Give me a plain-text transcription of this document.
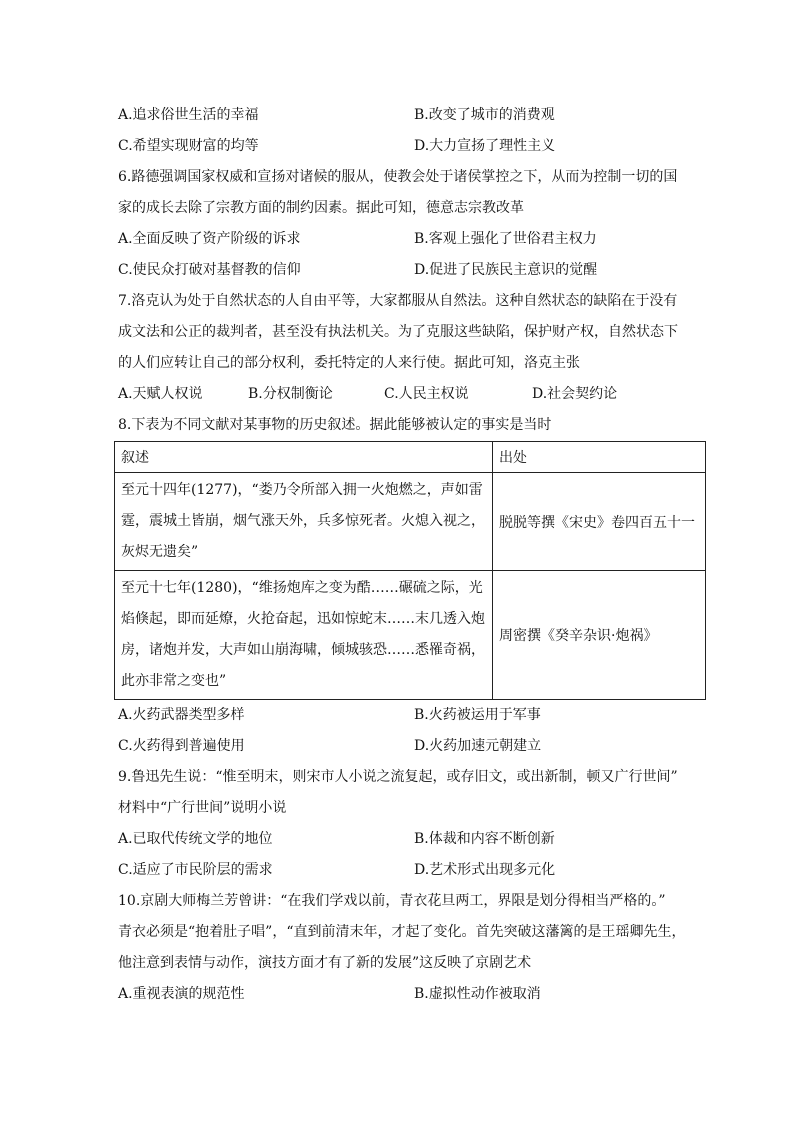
A.追求俗世生活的幸福	B.改变了城市的消费观
C.希望实现财富的均等	D.大力宣扬了理性主义
6.路德强调国家权威和宣扬对诸候的服从，使教会处于诸侯掌控之下，从而为控制一切的国
家的成长去除了宗教方面的制约因素。据此可知，德意志宗教改革
A.全面反映了资产阶级的诉求	B.客观上强化了世俗君主权力
C.使民众打破对基督教的信仰	D.促进了民族民主意识的觉醒
7.洛克认为处于自然状态的人自由平等，大家都服从自然法。这种自然状态的缺陷在于没有
成文法和公正的裁判者，甚至没有执法机关。为了克服这些缺陷，保护财产权，自然状态下
的人们应转让自己的部分权利，委托特定的人来行使。据此可知，洛克主张
A.天赋人权说	B.分权制衡论	C.人民主权说	D.社会契约论
8.下表为不同文献对某事物的历史叙述。据此能够被认定的事实是当时
叙述	出处

至元十四年(1277)，“娄乃令所部入拥一火炮燃之，声如雷
霆，震城土皆崩，烟气涨天外，兵多惊死者。火熄入视之，
灰烬无遗矣”	脱脱等撰《宋史》卷四百五十一

至元十七年(1280)，“维扬炮库之变为酷……碾硫之际，光
焰倏起，即而延燎，火抢奋起，迅如惊蛇末……末几透入炮
房，诸炮并发，大声如山崩海啸，倾城骇恐……悉罹奇祸，
此亦非常之变也”	周密撰《癸辛杂识·炮祸》
A.火药武器类型多样	B.火药被运用于军事
C.火药得到普遍使用	D.火药加速元朝建立
9.鲁迅先生说：“惟至明末，则宋市人小说之流复起，或存旧文，或出新制，顿又广行世间”
材料中“广行世间”说明小说
A.已取代传统文学的地位	B.体裁和内容不断创新
C.适应了市民阶层的需求	D.艺术形式出现多元化
10.京剧大师梅兰芳曾讲：“在我们学戏以前，青衣花旦两工，界限是划分得相当严格的。”
青衣必须是“抱着肚子唱”，“直到前清末年，才起了变化。首先突破这藩篱的是王瑶卿先生，
他注意到表情与动作，演技方面才有了新的发展”这反映了京剧艺术
A.重视表演的规范性	B.虚拟性动作被取消
